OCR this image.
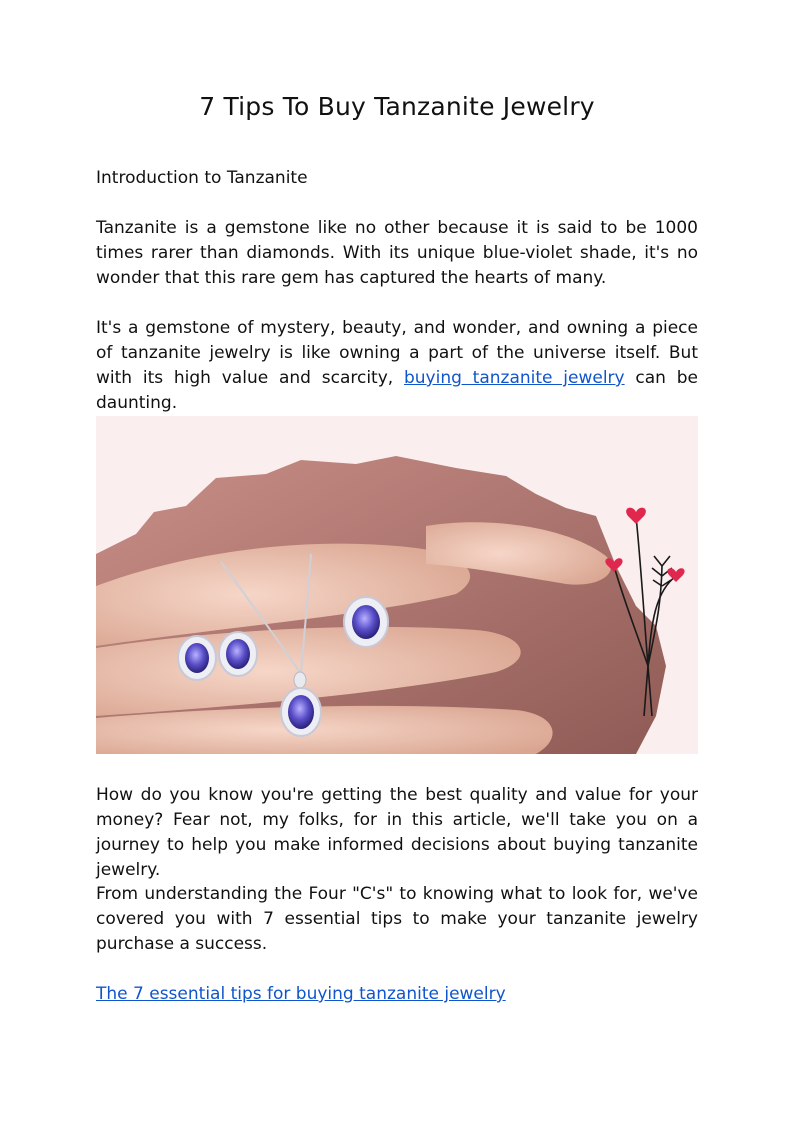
7 Tips To Buy Tanzanite Jewelry

Introduction to Tanzanite

Tanzanite is a gemstone like no other because it is said to be 1000 times rarer than diamonds. With its unique blue-violet shade, it's no wonder that this rare gem has captured the hearts of many.

It's a gemstone of mystery, beauty, and wonder, and owning a piece of tanzanite jewelry is like owning a part of the universe itself. But with its high value and scarcity, buying tanzanite jewelry can be daunting.

How do you know you're getting the best quality and value for your money? Fear not, my folks, for in this article, we'll take you on a journey to help you make informed decisions about buying tanzanite jewelry.

From understanding the Four "C's" to knowing what to look for, we've covered you with 7 essential tips to make your tanzanite jewelry purchase a success.

The 7 essential tips for buying tanzanite jewelry
